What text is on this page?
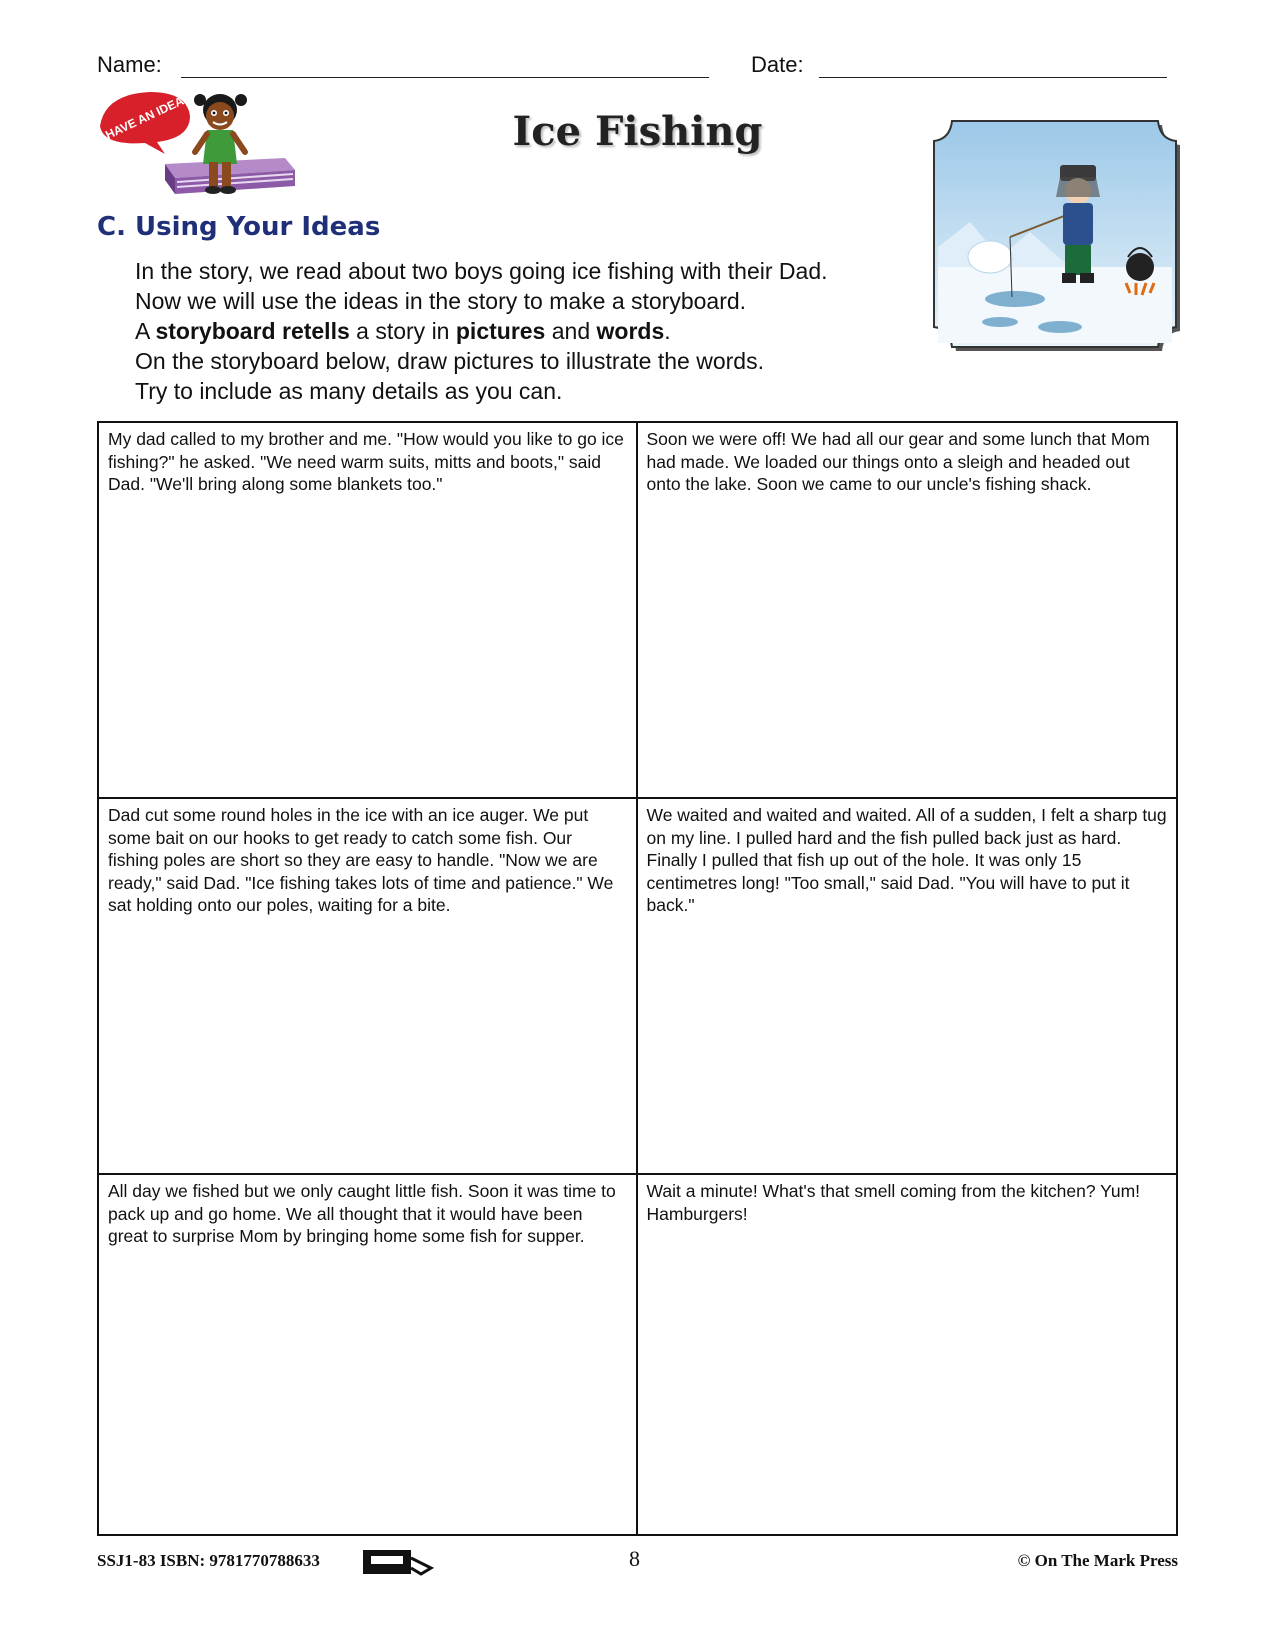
Name:	Date:
I HAVE AN IDEA!	Ice Fishing
C. Using Your Ideas

In the story, we read about two boys going ice fishing with their Dad.

Now we will use the ideas in the story to make a storyboard.

A storyboard retells a story in pictures and words.

On the storyboard below, draw pictures to illustrate the words.

Try to include as many details as you can.

My dad called to my brother and me. "How would you like to go ice fishing?" he asked. "We need warm suits, mitts and boots," said Dad. "We'll bring along some blankets too."
Soon we were off! We had all our gear and some lunch that Mom had made. We loaded our things onto a sleigh and headed out onto the lake. Soon we came to our uncle's fishing shack.
Dad cut some round holes in the ice with an ice auger. We put some bait on our hooks to get ready to catch some fish. Our fishing poles are short so they are easy to handle. "Now we are ready," said Dad. "Ice fishing takes lots of time and patience." We sat holding onto our poles, waiting for a bite.
We waited and waited and waited. All of a sudden, I felt a sharp tug on my line. I pulled hard and the fish pulled back just as hard. Finally I pulled that fish up out of the hole. It was only 15 centimetres long! "Too small," said Dad. "You will have to put it back."
All day we fished but we only caught little fish. Soon it was time to pack up and go home. We all thought that it would have been great to surprise Mom by bringing home some fish for supper.
Wait a minute! What's that smell coming from the kitchen? Yum! Hamburgers!
SSJ1-83 ISBN: 9781770788633	8	© On The Mark Press
